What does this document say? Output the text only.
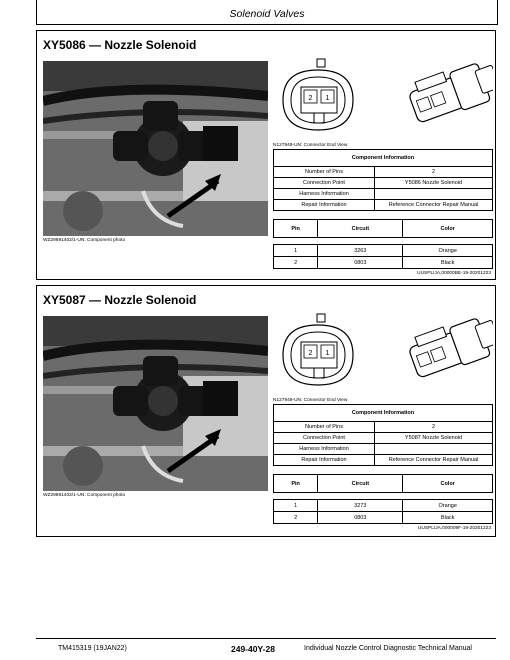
Solenoid Valves
XY5086 — Nozzle Solenoid
WZ29891402/1-UN: Component photo
2 1
N127949-UN: Connector End View
Component Information	
Number of Pins	2
Connection Point	Y5086 Nozzle Solenoid
Harness Information	
Repair Information	Reference Connector Repair Manual
Pin	Circuit	Color

1	3263	Orange
2	0803	Black
UUSPLIJA,00000BE-19-20201223
XY5087 — Nozzle Solenoid
WZ29891402/1-UN: Component photo
2 1
N127949-UN: Connector End View
Component Information	
Number of Pins	2
Connection Point	Y5087 Nozzle Solenoid
Harness Information	
Repair Information	Reference Connector Repair Manual
Pin	Circuit	Color

1	3273	Orange
2	0803	Black
UUSPLIJA,000009F-19-20201223
TM415319 (19JAN22)	249-40Y-28	Individual Nozzle Control Diagnostic Technical Manual
